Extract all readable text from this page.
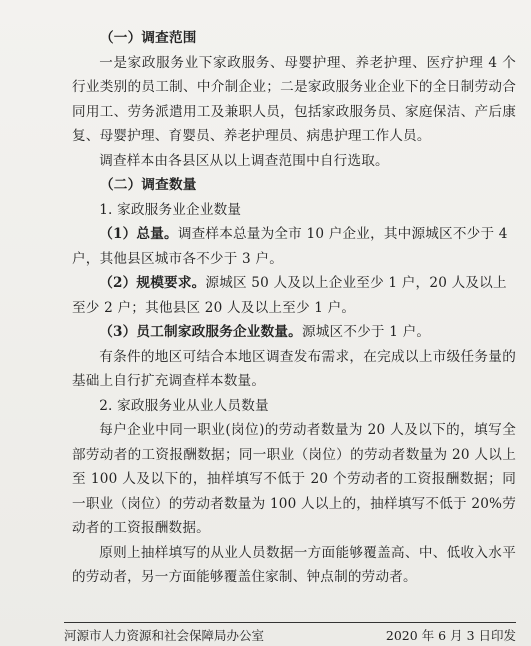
（一）调查范围

一是家政服务业下家政服务、母婴护理、养老护理、医疗护理 4 个行业类别的员工制、中介制企业；二是家政服务业企业下的全日制劳动合同用工、劳务派遣用工及兼职人员，包括家政服务员、家庭保洁、产后康复、母婴护理、育婴员、养老护理员、病患护理工作人员。

调查样本由各县区从以上调查范围中自行选取。

（二）调查数量
1. 家政服务业企业数量
（1）总量。调查样本总量为全市 10 户企业，其中源城区不少于 4 户，其他县区城市各不少于 3 户。
（2）规模要求。源城区 50 人及以上企业至少 1 户，20 人及以上至少 2 户；其他县区 20 人及以上至少 1 户。
（3）员工制家政服务企业数量。源城区不少于 1 户。

有条件的地区可结合本地区调查发布需求，在完成以上市级任务量的基础上自行扩充调查样本数量。

2. 家政服务业从业人员数量

每户企业中同一职业(岗位)的劳动者数量为 20 人及以下的，填写全部劳动者的工资报酬数据；同一职业（岗位）的劳动者数量为 20 人以上至 100 人及以下的，抽样填写不低于 20 个劳动者的工资报酬数据；同一职业（岗位）的劳动者数量为 100 人以上的，抽样填写不低于 20%劳动者的工资报酬数据。

原则上抽样填写的从业人员数据一方面能够覆盖高、中、低收入水平的劳动者，另一方面能够覆盖住家制、钟点制的劳动者。

河源市人力资源和社会保障局办公室	2020 年 6 月 3 日印发
